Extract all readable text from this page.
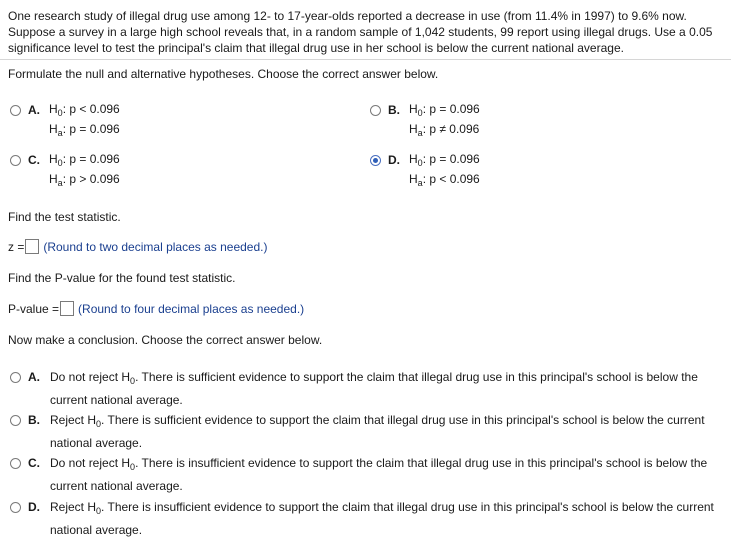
One research study of illegal drug use among 12- to 17-year-olds reported a decrease in use (from 11.4% in 1997) to 9.6% now. Suppose a survey in a large high school reveals that, in a random sample of 1,042 students, 99 report using illegal drugs. Use a 0.05 significance level to test the principal's claim that illegal drug use in her school is below the current national average.
Formulate the null and alternative hypotheses. Choose the correct answer below.
A. $H_0$: p < 0.096
$H_a$: p = 0.096
B. $H_0$: p = 0.096
$H_a$: p ≠ 0.096
C. $H_0$: p = 0.096
$H_a$: p > 0.096
D. $H_0$: p = 0.096
$H_a$: p < 0.096
Find the test statistic.
z = (Round to two decimal places as needed.)
Find the P-value for the found test statistic.
P-value = (Round to four decimal places as needed.)
Now make a conclusion. Choose the correct answer below.
A. Do not reject $H_0$. There is sufficient evidence to support the claim that illegal drug use in this principal's school is below the current national average.
B. Reject $H_0$. There is sufficient evidence to support the claim that illegal drug use in this principal's school is below the current national average.
C. Do not reject $H_0$. There is insufficient evidence to support the claim that illegal drug use in this principal's school is below the current national average.
D. Reject $H_0$. There is insufficient evidence to support the claim that illegal drug use in this principal's school is below the current national average.
